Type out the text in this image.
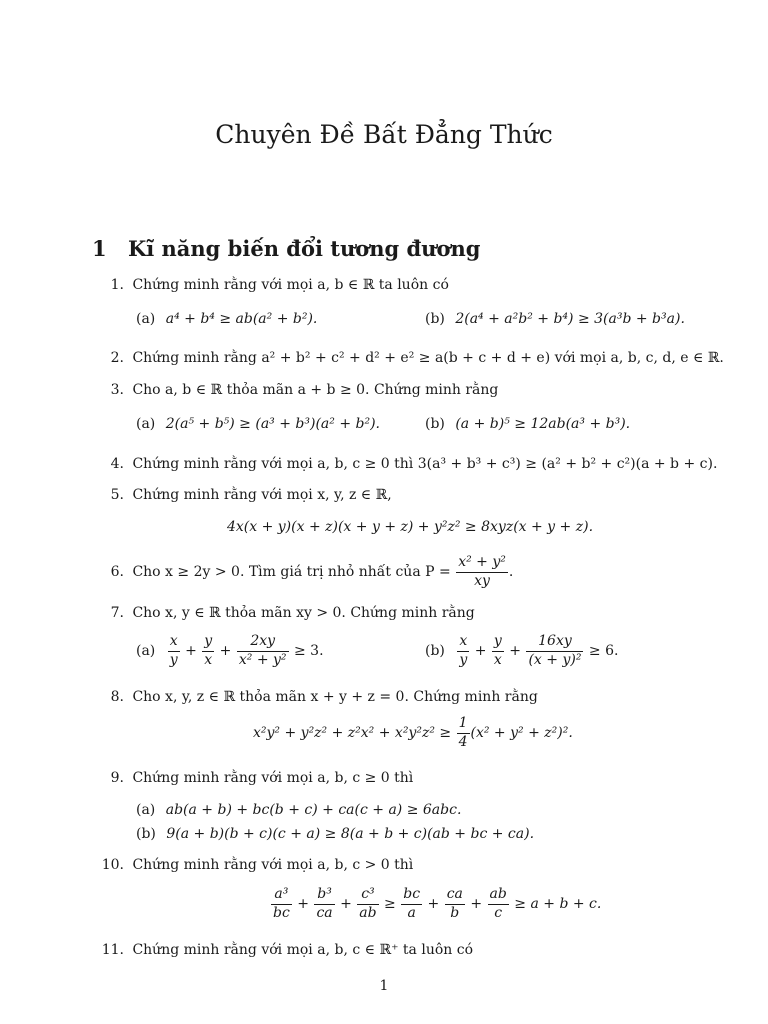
Chuyên Đề Bất Đẳng Thức
1 Kĩ năng biến đổi tương đương
1. Chứng minh rằng với mọi a, b ∈ ℝ ta luôn có
(a) a⁴ + b⁴ ≥ ab(a² + b²).	(b) 2(a⁴ + a²b² + b⁴) ≥ 3(a³b + b³a).
2. Chứng minh rằng a² + b² + c² + d² + e² ≥ a(b + c + d + e) với mọi a, b, c, d, e ∈ ℝ.
3. Cho a, b ∈ ℝ thỏa mãn a + b ≥ 0. Chứng minh rằng
(a) 2(a⁵ + b⁵) ≥ (a³ + b³)(a² + b²).	(b) (a + b)⁵ ≥ 12ab(a³ + b³).
4. Chứng minh rằng với mọi a, b, c ≥ 0 thì 3(a³ + b³ + c³) ≥ (a² + b² + c²)(a + b + c).
5. Chứng minh rằng với mọi x, y, z ∈ ℝ,
4x(x + y)(x + z)(x + y + z) + y²z² ≥ 8xyz(x + y + z).
6. Cho x ≥ 2y > 0. Tìm giá trị nhỏ nhất của $P = \frac{\text{x² + y²}}{xy}$ .
7. Cho x, y ∈ ℝ thỏa mãn xy > 0. Chứng minh rằng
$(a) \frac{x}{y} + \frac{y}{x} + \frac{2xy}{\text{x² + y²}} \ge 3$.	$(b) \frac{x}{y} + \frac{y}{x} + \frac{16xy}{\text{(x + y)²}} \ge 6$.
8. Cho x, y, z ∈ ℝ thỏa mãn x + y + z = 0. Chứng minh rằng
$x^2y^2 + y^2z^2 + z^2x^2 + x^2y^2z^2 \ge \frac{1}{4} (x^2 + y^2 + z^2)^2$.
9. Chứng minh rằng với mọi a, b, c ≥ 0 thì
(a) ab(a + b) + bc(b + c) + ca(c + a) ≥ 6abc.
(b) 9(a + b)(b + c)(c + a) ≥ 8(a + b + c)(ab + bc + ca).
10. Chứng minh rằng với mọi a, b, c > 0 thì
$\frac{\text{a³}}{bc} + \frac{\text{b³}}{ca} + \frac{\text{c³}}{ab} \ge \frac{bc}{a} + \frac{ca}{b} + \frac{ab}{c} \ge a + b + c$.
11. Chứng minh rằng với mọi a, b, c ∈ ℝ⁺ ta luôn có
1
